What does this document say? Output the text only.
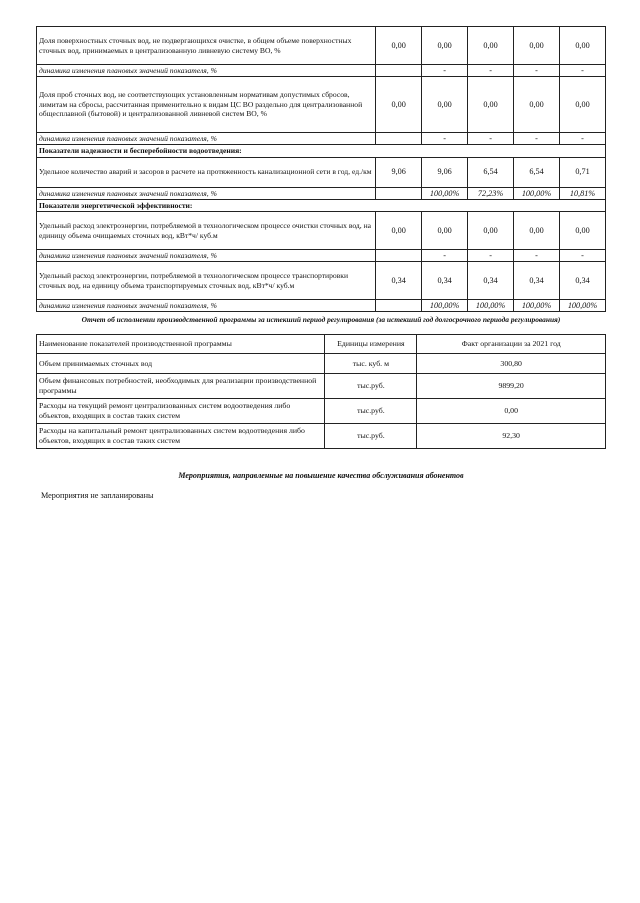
Доля поверхностных сточных вод, не подвергающихся очистке, в общем объеме поверхностных сточных вод, принимаемых в централизованную ливневую систему ВО, %	0,00	0,00	0,00	0,00	0,00
динамика изменения плановых значений показателя, %		-	-	-	-
Доля проб сточных вод, не соответствующих установленным нормативам допустимых сбросов, лимитам на сбросы, рассчитанная применительно к видам ЦС ВО раздельно для централизованной общесплавной (бытовой) и централизованной ливневой систем ВО, %	0,00	0,00	0,00	0,00	0,00
динамика изменения плановых значений показателя, %		-	-	-	-
Показатели надежности и бесперебойности водоотведения:					
Удельное количество аварий и засоров в расчете на протяженность канализационной сети в год, ед./км	9,06	9,06	6,54	6,54	0,71
динамика изменения плановых значений показателя, %		100,00%	72,23%	100,00%	10,81%
Показатели энергетической эффективности:					
Удельный расход электроэнергии, потребляемой в технологическом процессе очистки сточных вод, на единицу объема очищаемых сточных вод, кВт*ч/ куб.м	0,00	0,00	0,00	0,00	0,00
динамика изменения плановых значений показателя, %		-	-	-	-
Удельный расход электроэнергии, потребляемой в технологическом процессе транспортировки сточных вод, на единицу объема транспортируемых сточных вод, кВт*ч/ куб.м	0,34	0,34	0,34	0,34	0,34
динамика изменения плановых значений показателя, %		100,00%	100,00%	100,00%	100,00%
Отчет об исполнении производственной программы за истекший период регулирования (за истекший год долгосрочного периода регулирования)
Наименование показателей производственной программы	Единицы измерения	Факт организации за 2021 год
Объем принимаемых сточных вод	тыс. куб. м	300,80
Объем финансовых потребностей, необходимых для реализации производственной программы	тыс.руб.	9899,20
Расходы на текущий ремонт централизованных систем водоотведения либо объектов, входящих в состав таких систем	тыс.руб.	0,00
Расходы на капитальный ремонт централизованных систем водоотведения либо объектов, входящих в состав таких систем	тыс.руб.	92,30
Мероприятия, направленные на повышение качества обслуживания абонентов
Мероприятия не запланированы
